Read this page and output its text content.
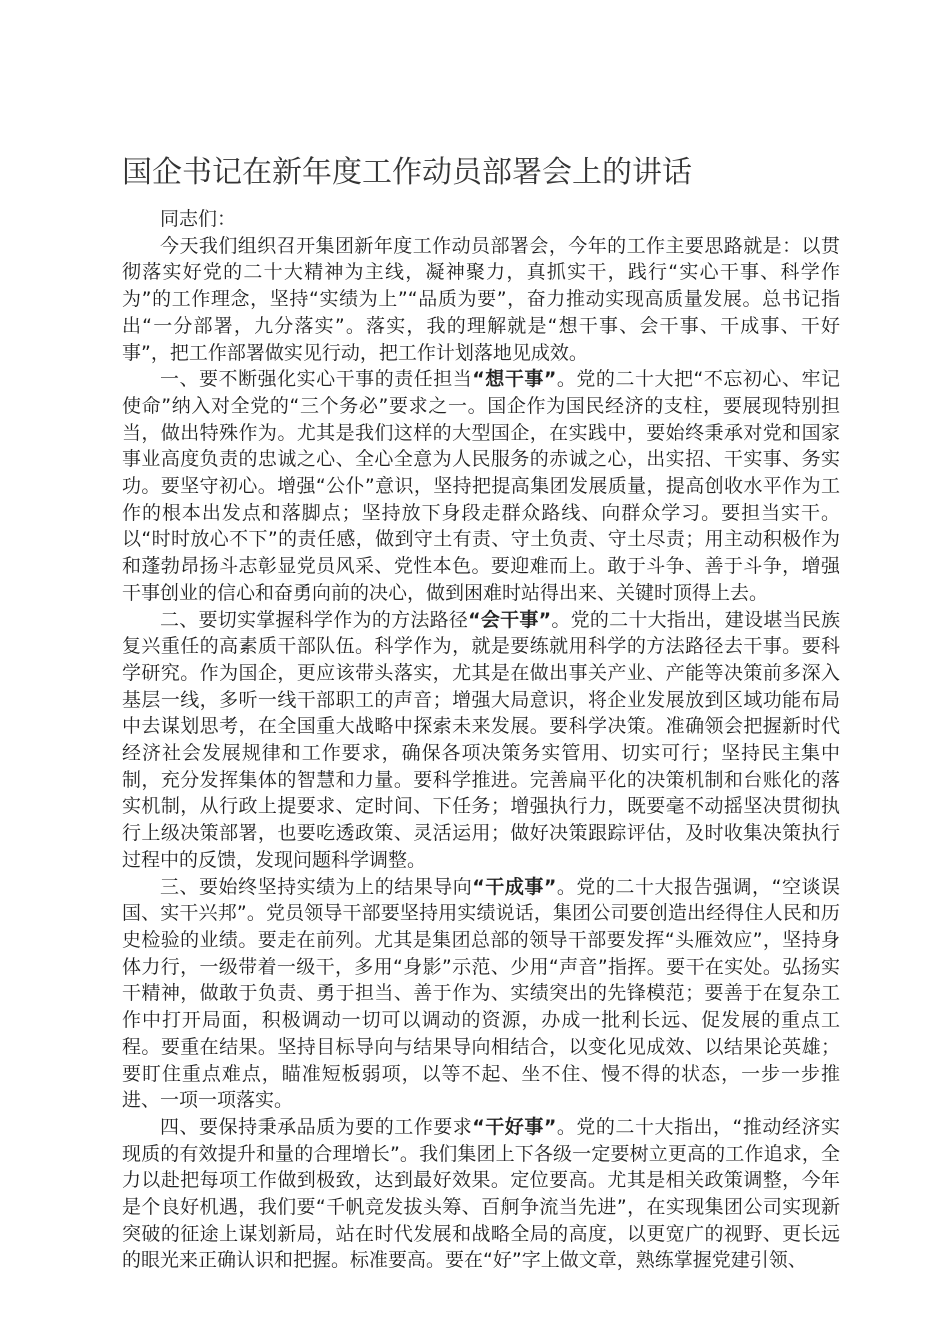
国企书记在新年度工作动员部署会上的讲话

同志们：

今天我们组织召开集团新年度工作动员部署会，今年的工作主要思路就是：以贯彻落实好党的二十大精神为主线，凝神聚力，真抓实干，践行“实心干事、科学作为”的工作理念，坚持“实绩为上”“品质为要”，奋力推动实现高质量发展。总书记指出“一分部署，九分落实”。落实，我的理解就是“想干事、会干事、干成事、干好事”，把工作部署做实见行动，把工作计划落地见成效。

一、要不断强化实心干事的责任担当“想干事”。党的二十大把“不忘初心、牢记使命”纳入对全党的“三个务必”要求之一。国企作为国民经济的支柱，要展现特别担当，做出特殊作为。尤其是我们这样的大型国企，在实践中，要始终秉承对党和国家事业高度负责的忠诚之心、全心全意为人民服务的赤诚之心，出实招、干实事、务实功。要坚守初心。增强“公仆”意识，坚持把提高集团发展质量，提高创收水平作为工作的根本出发点和落脚点；坚持放下身段走群众路线、向群众学习。要担当实干。以“时时放心不下”的责任感，做到守土有责、守土负责、守土尽责；用主动积极作为和蓬勃昂扬斗志彰显党员风采、党性本色。要迎难而上。敢于斗争、善于斗争，增强干事创业的信心和奋勇向前的决心，做到困难时站得出来、关键时顶得上去。

二、要切实掌握科学作为的方法路径“会干事”。党的二十大指出，建设堪当民族复兴重任的高素质干部队伍。科学作为，就是要练就用科学的方法路径去干事。要科学研究。作为国企，更应该带头落实，尤其是在做出事关产业、产能等决策前多深入基层一线，多听一线干部职工的声音；增强大局意识，将企业发展放到区域功能布局中去谋划思考，在全国重大战略中探索未来发展。要科学决策。准确领会把握新时代经济社会发展规律和工作要求，确保各项决策务实管用、切实可行；坚持民主集中制，充分发挥集体的智慧和力量。要科学推进。完善扁平化的决策机制和台账化的落实机制，从行政上提要求、定时间、下任务；增强执行力，既要毫不动摇坚决贯彻执行上级决策部署，也要吃透政策、灵活运用；做好决策跟踪评估，及时收集决策执行过程中的反馈，发现问题科学调整。

三、要始终坚持实绩为上的结果导向“干成事”。党的二十大报告强调，“空谈误国、实干兴邦”。党员领导干部要坚持用实绩说话，集团公司要创造出经得住人民和历史检验的业绩。要走在前列。尤其是集团总部的领导干部要发挥“头雁效应”，坚持身体力行，一级带着一级干，多用“身影”示范、少用“声音”指挥。要干在实处。弘扬实干精神，做敢于负责、勇于担当、善于作为、实绩突出的先锋模范；要善于在复杂工作中打开局面，积极调动一切可以调动的资源，办成一批利长远、促发展的重点工程。要重在结果。坚持目标导向与结果导向相结合，以变化见成效、以结果论英雄；要盯住重点难点，瞄准短板弱项，以等不起、坐不住、慢不得的状态，一步一步推进、一项一项落实。

四、要保持秉承品质为要的工作要求“干好事”。党的二十大指出，“推动经济实现质的有效提升和量的合理增长”。我们集团上下各级一定要树立更高的工作追求，全力以赴把每项工作做到极致，达到最好效果。定位要高。尤其是相关政策调整，今年是个良好机遇，我们要“千帆竞发拔头筹、百舸争流当先进”，在实现集团公司实现新突破的征途上谋划新局，站在时代发展和战略全局的高度，以更宽广的视野、更长远的眼光来正确认识和把握。标准要高。要在“好”字上做文章，熟练掌握党建引领、
